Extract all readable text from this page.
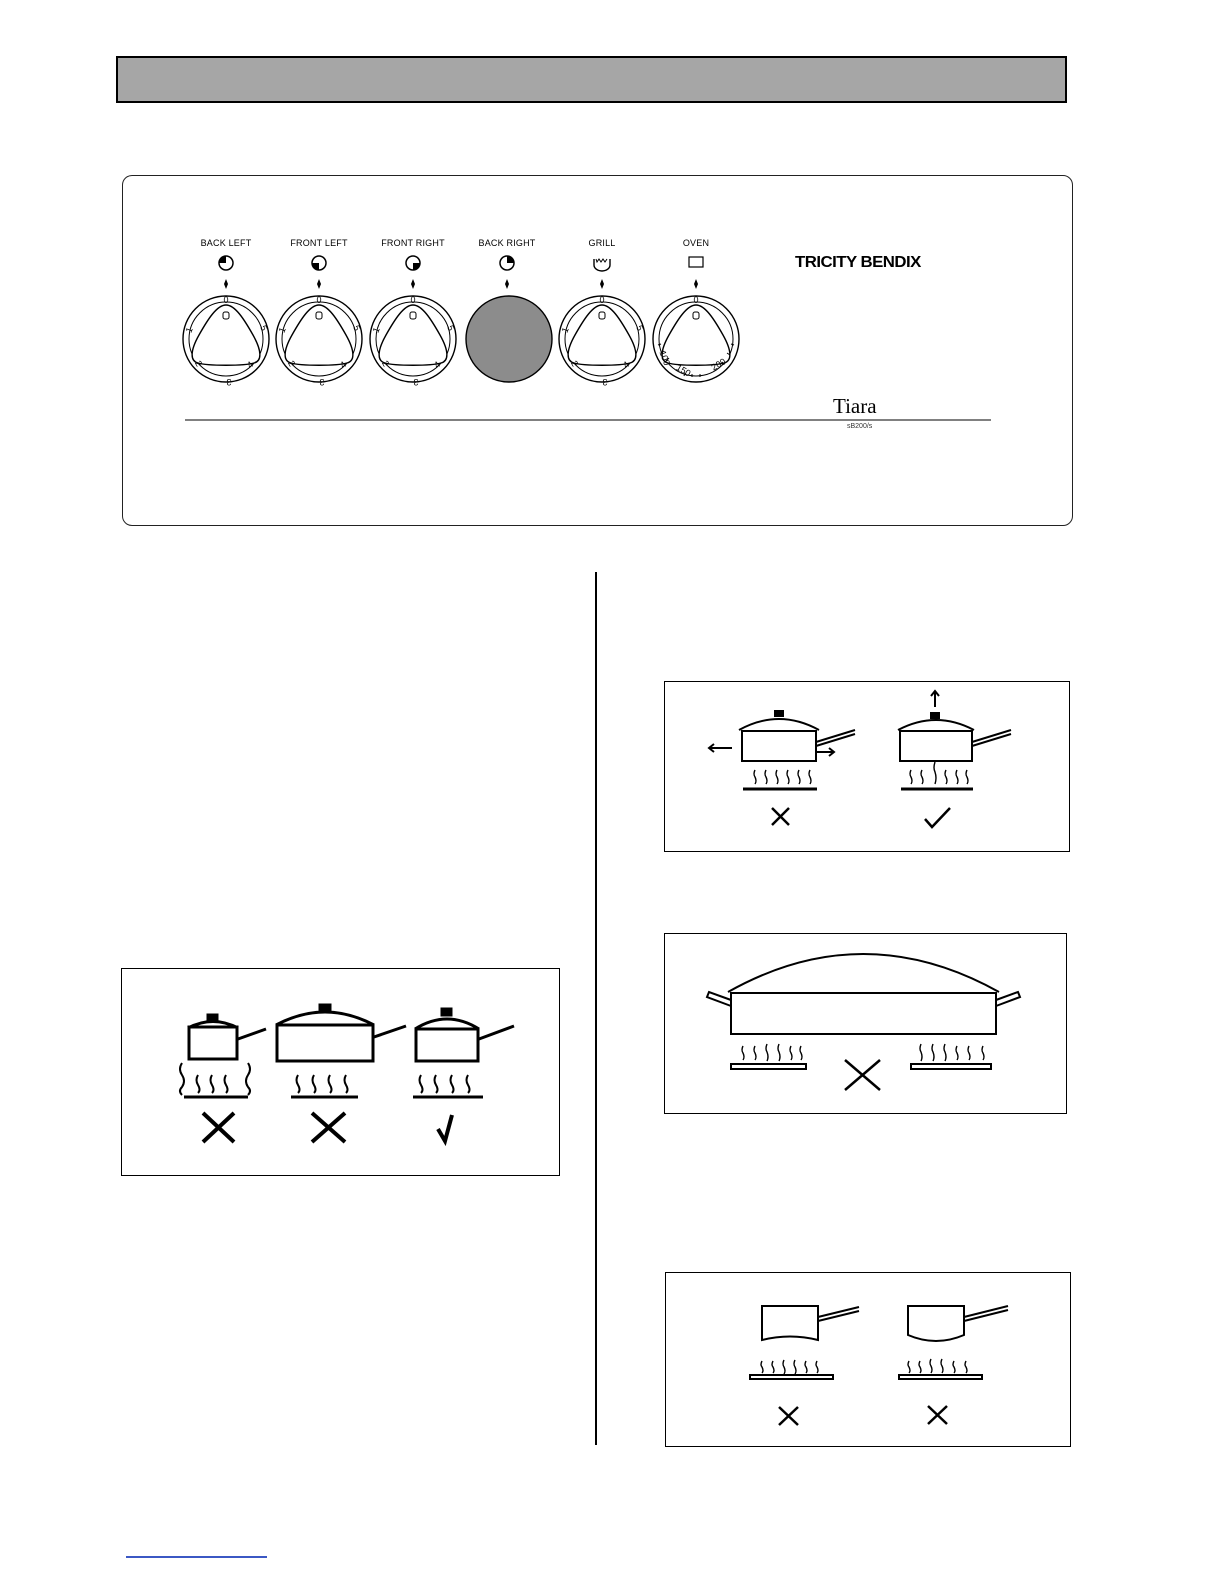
0
5
4
3
2
1
0
5
4
3
2
1
0
5
4
3
2
1
0
5
4
3
2
1
0
100
150 200
BACK LEFT	FRONT LEFT	FRONT RIGHT	BACK RIGHT	GRILL	OVEN
TRICITY BENDIX
Tiara
sB200/s
